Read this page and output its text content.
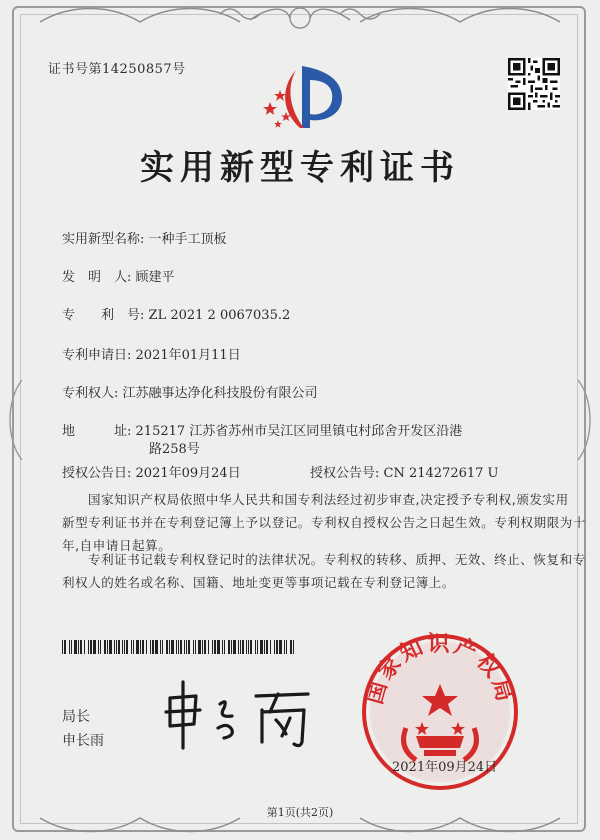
证书号第14250857号
实用新型专利证书
实用新型名称: 一种手工顶板
发　明　人: 顾建平
专　　利　号: ZL 2021 2 0067035.2
专利申请日: 2021年01月11日
专利权人: 江苏融事达净化科技股份有限公司
地　　　址: 215217 江苏省苏州市吴江区同里镇屯村邱舍开发区沿港
路258号
授权公告日: 2021年09月24日	授权公告号: CN 214272617 U
国家知识产权局依照中华人民共和国专利法经过初步审查,决定授予专利权,颁发实用
新型专利证书并在专利登记簿上予以登记。专利权自授权公告之日起生效。专利权期限为十
年,自申请日起算。
专利证书记载专利权登记时的法律状况。专利权的转移、质押、无效、终止、恢复和专
利权人的姓名或名称、国籍、地址变更等事项记载在专利登记簿上。
局长
申长雨
国家知识产权局
2021年09月24日
第1页(共2页)
